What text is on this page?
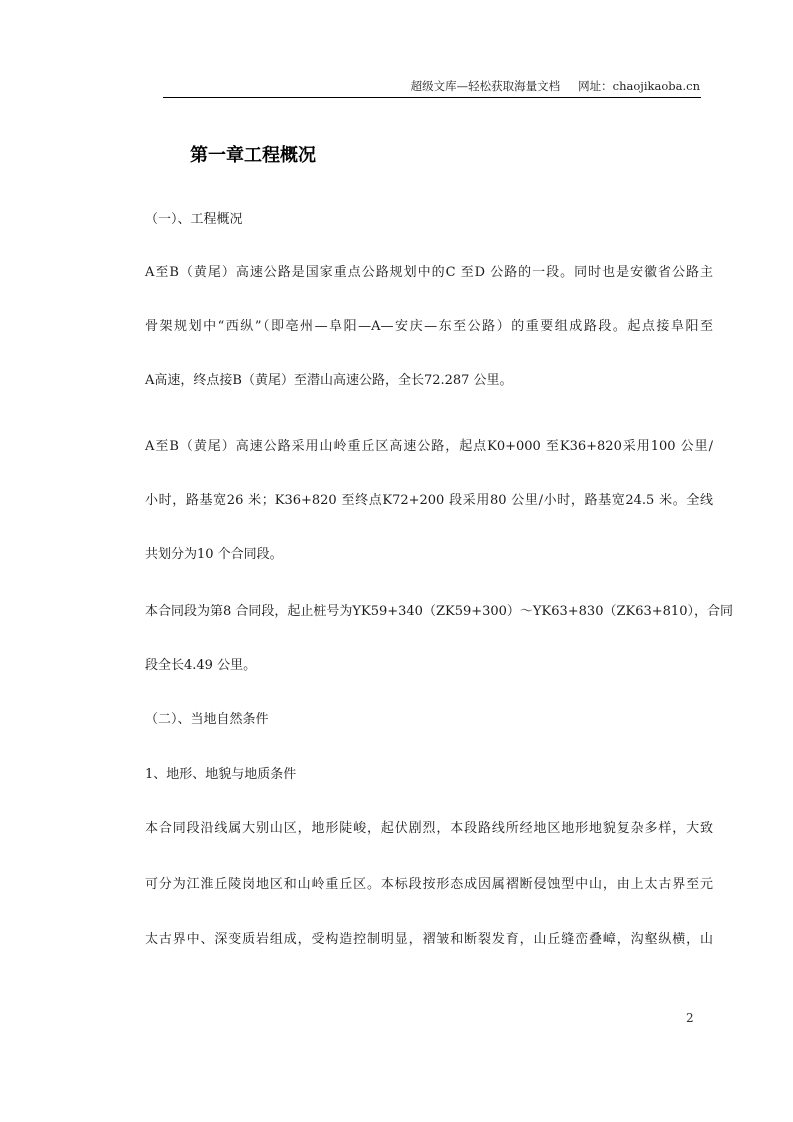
超级文库—轻松获取海量文档 网址：chaojikaoba.cn
第一章工程概况
（一）、工程概况
A至B（黄尾）高速公路是国家重点公路规划中的C 至D 公路的一段。同时也是安徽省公路主
骨架规划中“西纵”（即亳州—阜阳—A—安庆—东至公路）的重要组成路段。起点接阜阳至
A高速，终点接B（黄尾）至潜山高速公路，全长72.287 公里。
A至B（黄尾）高速公路采用山岭重丘区高速公路，起点K0+000 至K36+820采用100 公里/
小时，路基宽26 米；K36+820 至终点K72+200 段采用80 公里/小时，路基宽24.5 米。全线
共划分为10 个合同段。
本合同段为第8 合同段，起止桩号为YK59+340（ZK59+300）～YK63+830（ZK63+810），合同
段全长4.49 公里。
（二）、当地自然条件
1、地形、地貌与地质条件
本合同段沿线属大别山区，地形陡峻，起伏剧烈，本段路线所经地区地形地貌复杂多样，大致
可分为江淮丘陵岗地区和山岭重丘区。本标段按形态成因属褶断侵蚀型中山，由上太古界至元
太古界中、深变质岩组成，受构造控制明显，褶皱和断裂发育，山丘缝峦叠嶂，沟壑纵横，山
2
